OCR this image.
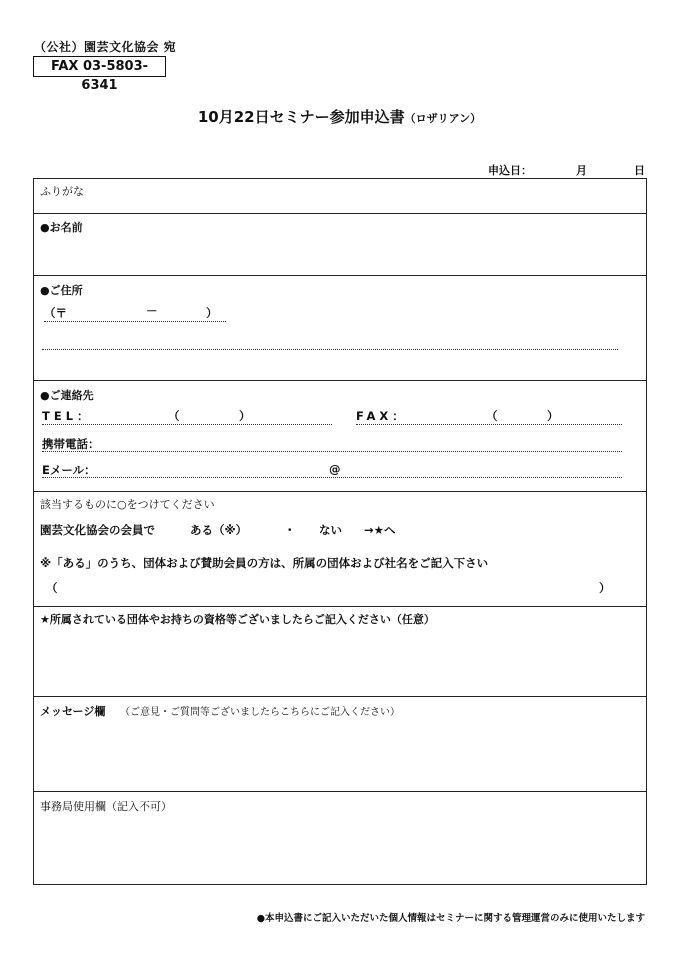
（公社）園芸文化協会 宛
FAX 03-5803-6341
10月22日セミナー参加申込書（ロザリアン）
申込日：	月	日
ふりがな
●お名前
●ご住所
（〒	－	）
●ご連絡先
TEL：	（	）	FAX：	（	）
携帯電話：
Eメール：	@
該当するものに○をつけてください
園芸文化協会の会員で	ある（※）	・ ない →★へ
※「ある」のうち、団体および賛助会員の方は、所属の団体および社名をご記入下さい
（	）
★所属されている団体やお持ちの資格等ございましたらご記入ください（任意）
メッセージ欄 （ご意見・ご質問等ございましたらこちらにご記入ください）
事務局使用欄（記入不可）
●本申込書にご記入いただいた個人情報はセミナーに関する管理運営のみに使用いたします
